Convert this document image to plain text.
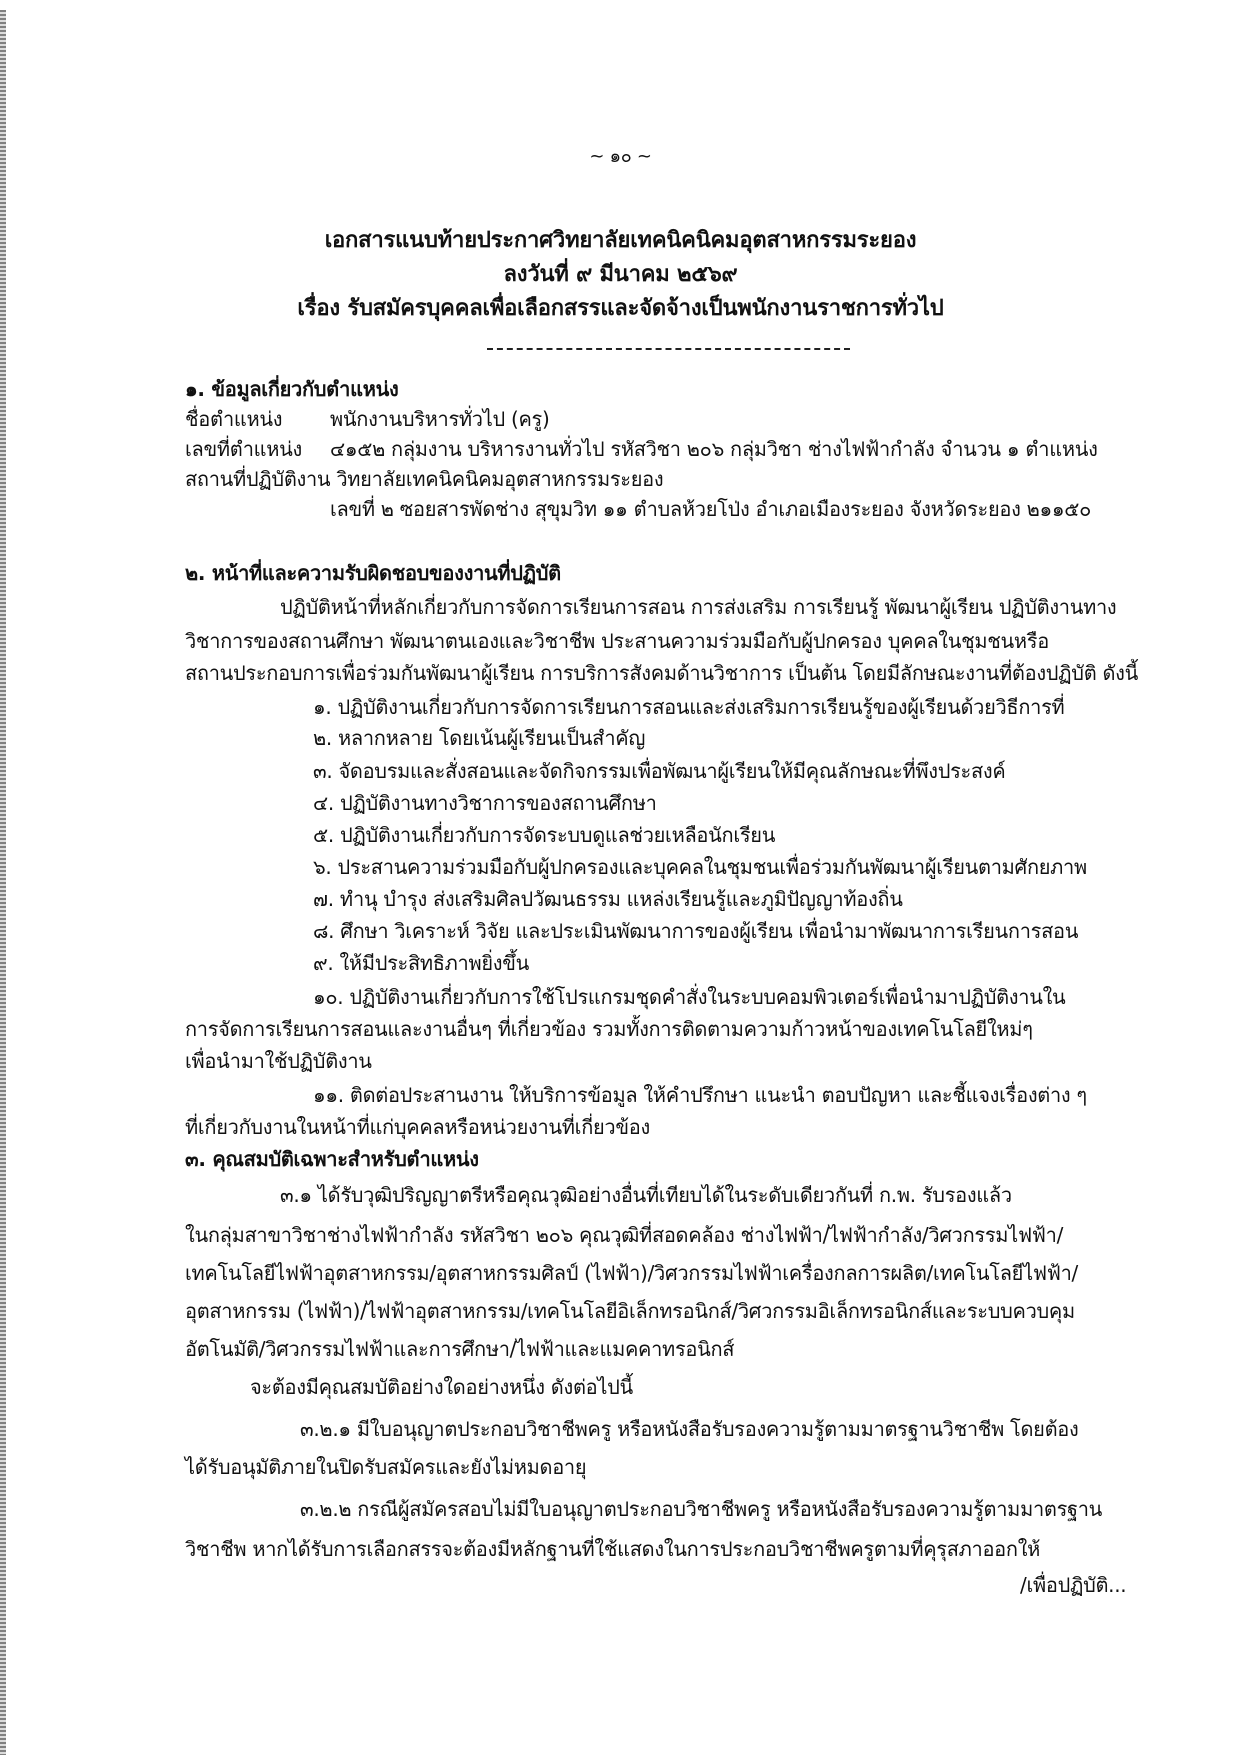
~ ๑๐ ~
เอกสารแนบท้ายประกาศวิทยาลัยเทคนิคนิคมอุตสาหกรรมระยอง
ลงวันที่ ๙ มีนาคม ๒๕๖๙
เรื่อง รับสมัครบุคคลเพื่อเลือกสรรและจัดจ้างเป็นพนักงานราชการทั่วไป
๑. ข้อมูลเกี่ยวกับตำแหน่ง
ชื่อตำแหน่ง พนักงานบริหารทั่วไป (ครู)
เลขที่ตำแหน่ง ๔๑๕๒ กลุ่มงาน บริหารงานทั่วไป รหัสวิชา ๒๐๖ กลุ่มวิชา ช่างไฟฟ้ากำลัง จำนวน ๑ ตำแหน่ง
สถานที่ปฏิบัติงาน วิทยาลัยเทคนิคนิคมอุตสาหกรรมระยอง
เลขที่ ๒ ซอยสารพัดช่าง สุขุมวิท ๑๑ ตำบลห้วยโป่ง อำเภอเมืองระยอง จังหวัดระยอง ๒๑๑๕๐
๒. หน้าที่และความรับผิดชอบของงานที่ปฏิบัติ
ปฏิบัติหน้าที่หลักเกี่ยวกับการจัดการเรียนการสอน การส่งเสริม การเรียนรู้ พัฒนาผู้เรียน ปฏิบัติงานทาง
วิชาการของสถานศึกษา พัฒนาตนเองและวิชาชีพ ประสานความร่วมมือกับผู้ปกครอง บุคคลในชุมชนหรือ
สถานประกอบการเพื่อร่วมกันพัฒนาผู้เรียน การบริการสังคมด้านวิชาการ เป็นต้น โดยมีลักษณะงานที่ต้องปฏิบัติ ดังนี้
๑. ปฏิบัติงานเกี่ยวกับการจัดการเรียนการสอนและส่งเสริมการเรียนรู้ของผู้เรียนด้วยวิธีการที่
๒. หลากหลาย โดยเน้นผู้เรียนเป็นสำคัญ
๓. จัดอบรมและสั่งสอนและจัดกิจกรรมเพื่อพัฒนาผู้เรียนให้มีคุณลักษณะที่พึงประสงค์
๔. ปฏิบัติงานทางวิชาการของสถานศึกษา
๕. ปฏิบัติงานเกี่ยวกับการจัดระบบดูแลช่วยเหลือนักเรียน
๖. ประสานความร่วมมือกับผู้ปกครองและบุคคลในชุมชนเพื่อร่วมกันพัฒนาผู้เรียนตามศักยภาพ
๗. ทำนุ บำรุง ส่งเสริมศิลปวัฒนธรรม แหล่งเรียนรู้และภูมิปัญญาท้องถิ่น
๘. ศึกษา วิเคราะห์ วิจัย และประเมินพัฒนาการของผู้เรียน เพื่อนำมาพัฒนาการเรียนการสอน
๙. ให้มีประสิทธิภาพยิ่งขึ้น
๑๐. ปฏิบัติงานเกี่ยวกับการใช้โปรแกรมชุดคำสั่งในระบบคอมพิวเตอร์เพื่อนำมาปฏิบัติงานใน
การจัดการเรียนการสอนและงานอื่นๆ ที่เกี่ยวข้อง รวมทั้งการติดตามความก้าวหน้าของเทคโนโลยีใหม่ๆ
เพื่อนำมาใช้ปฏิบัติงาน
๑๑. ติดต่อประสานงาน ให้บริการข้อมูล ให้คำปรึกษา แนะนำ ตอบปัญหา และชี้แจงเรื่องต่าง ๆ
ที่เกี่ยวกับงานในหน้าที่แก่บุคคลหรือหน่วยงานที่เกี่ยวข้อง
๓. คุณสมบัติเฉพาะสำหรับตำแหน่ง
๓.๑ ได้รับวุฒิปริญญาตรีหรือคุณวุฒิอย่างอื่นที่เทียบได้ในระดับเดียวกันที่ ก.พ. รับรองแล้ว
ในกลุ่มสาขาวิชาช่างไฟฟ้ากำลัง รหัสวิชา ๒๐๖ คุณวุฒิที่สอดคล้อง ช่างไฟฟ้า/ไฟฟ้ากำลัง/วิศวกรรมไฟฟ้า/
เทคโนโลยีไฟฟ้าอุตสาหกรรม/อุตสาหกรรมศิลป์ (ไฟฟ้า)/วิศวกรรมไฟฟ้าเครื่องกลการผลิต/เทคโนโลยีไฟฟ้า/
อุตสาหกรรม (ไฟฟ้า)/ไฟฟ้าอุตสาหกรรม/เทคโนโลยีอิเล็กทรอนิกส์/วิศวกรรมอิเล็กทรอนิกส์และระบบควบคุม
อัตโนมัติ/วิศวกรรมไฟฟ้าและการศึกษา/ไฟฟ้าและแมคคาทรอนิกส์
จะต้องมีคุณสมบัติอย่างใดอย่างหนึ่ง ดังต่อไปนี้
๓.๒.๑ มีใบอนุญาตประกอบวิชาชีพครู หรือหนังสือรับรองความรู้ตามมาตรฐานวิชาชีพ โดยต้อง
ได้รับอนุมัติภายในปิดรับสมัครและยังไม่หมดอายุ
๓.๒.๒ กรณีผู้สมัครสอบไม่มีใบอนุญาตประกอบวิชาชีพครู หรือหนังสือรับรองความรู้ตามมาตรฐาน
วิชาชีพ หากได้รับการเลือกสรรจะต้องมีหลักฐานที่ใช้แสดงในการประกอบวิชาชีพครูตามที่คุรุสภาออกให้
/เพื่อปฏิบัติ...
